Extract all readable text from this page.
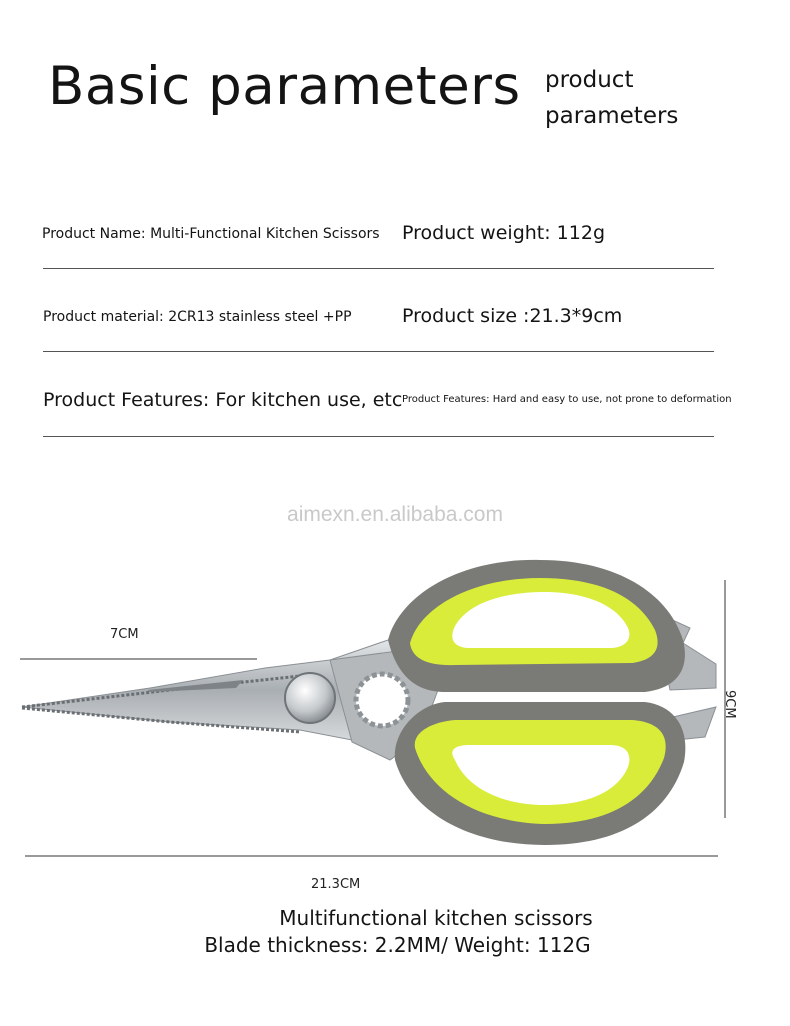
Basic parameters product
parameters
Product Name: Multi-Functional Kitchen Scissors Product weight: 112g
Product material: 2CR13 stainless steel +PP	Product size :21.3*9cm
Product Features: For kitchen use, etc Product Features: Hard and easy to use, not prone to deformation
aimexn.en.alibaba.com
7CM
9CM
21.3CM
Multifunctional kitchen scissors
Blade thickness: 2.2MM/ Weight: 112G
